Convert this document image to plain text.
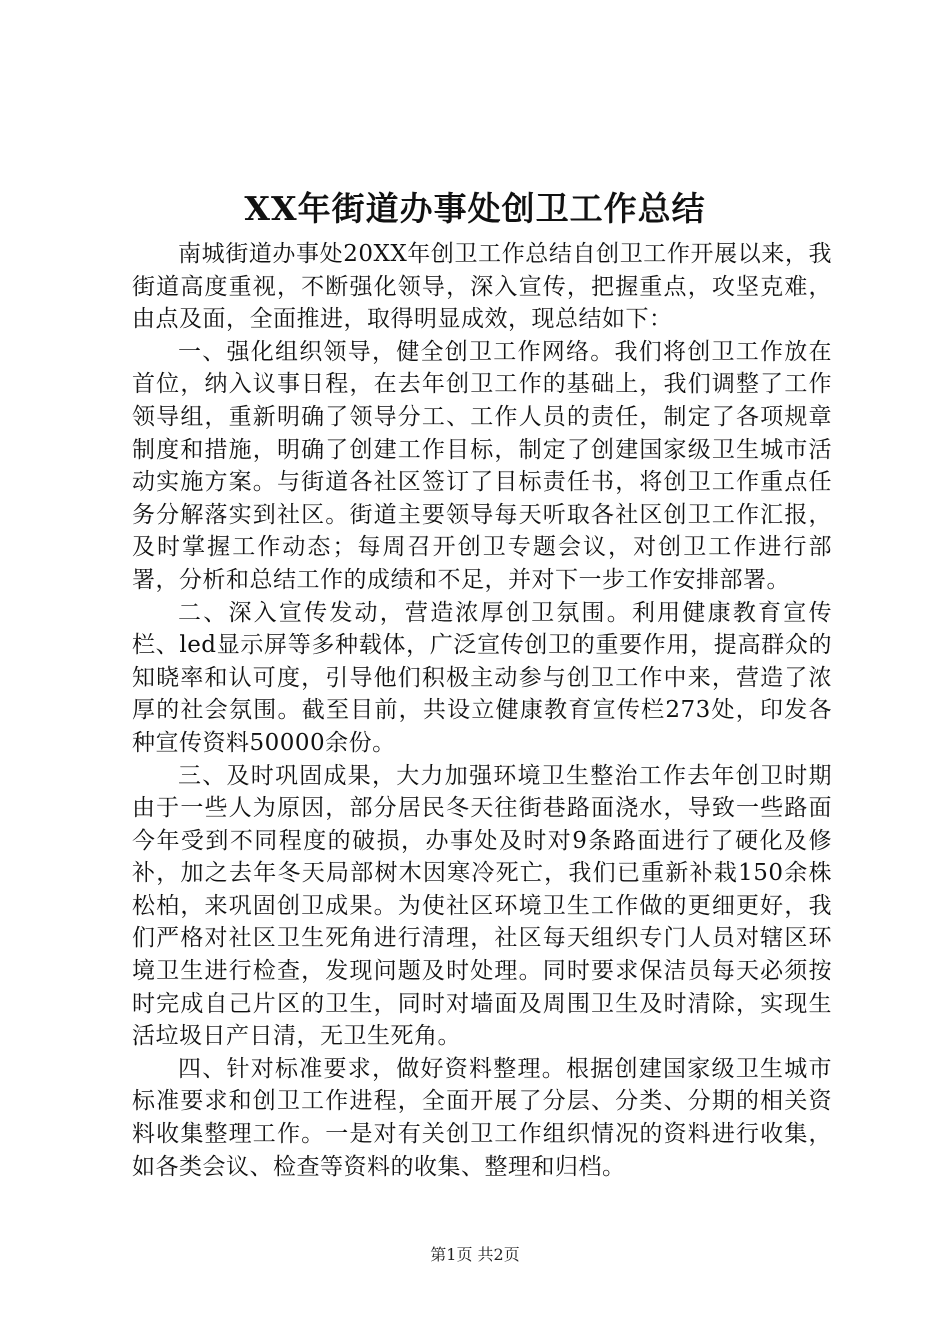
XX年街道办事处创卫工作总结

南城街道办事处20XX年创卫工作总结自创卫工作开展以来，我街道高度重视，不断强化领导，深入宣传，把握重点，攻坚克难，由点及面，全面推进，取得明显成效，现总结如下：

一、强化组织领导，健全创卫工作网络。我们将创卫工作放在首位，纳入议事日程，在去年创卫工作的基础上，我们调整了工作领导组，重新明确了领导分工、工作人员的责任，制定了各项规章制度和措施，明确了创建工作目标，制定了创建国家级卫生城市活动实施方案。与街道各社区签订了目标责任书，将创卫工作重点任务分解落实到社区。街道主要领导每天听取各社区创卫工作汇报，及时掌握工作动态；每周召开创卫专题会议，对创卫工作进行部署，分析和总结工作的成绩和不足，并对下一步工作安排部署。

二、深入宣传发动，营造浓厚创卫氛围。利用健康教育宣传栏、led显示屏等多种载体，广泛宣传创卫的重要作用，提高群众的知晓率和认可度，引导他们积极主动参与创卫工作中来，营造了浓厚的社会氛围。截至目前，共设立健康教育宣传栏273处，印发各种宣传资料50000余份。

三、及时巩固成果，大力加强环境卫生整治工作去年创卫时期由于一些人为原因，部分居民冬天往街巷路面浇水，导致一些路面今年受到不同程度的破损，办事处及时对9条路面进行了硬化及修补，加之去年冬天局部树木因寒冷死亡，我们已重新补栽150余株松柏，来巩固创卫成果。为使社区环境卫生工作做的更细更好，我们严格对社区卫生死角进行清理，社区每天组织专门人员对辖区环境卫生进行检查，发现问题及时处理。同时要求保洁员每天必须按时完成自己片区的卫生，同时对墙面及周围卫生及时清除，实现生活垃圾日产日清，无卫生死角。

四、针对标准要求，做好资料整理。根据创建国家级卫生城市标准要求和创卫工作进程，全面开展了分层、分类、分期的相关资料收集整理工作。一是对有关创卫工作组织情况的资料进行收集，如各类会议、检查等资料的收集、整理和归档。

第1页 共2页
